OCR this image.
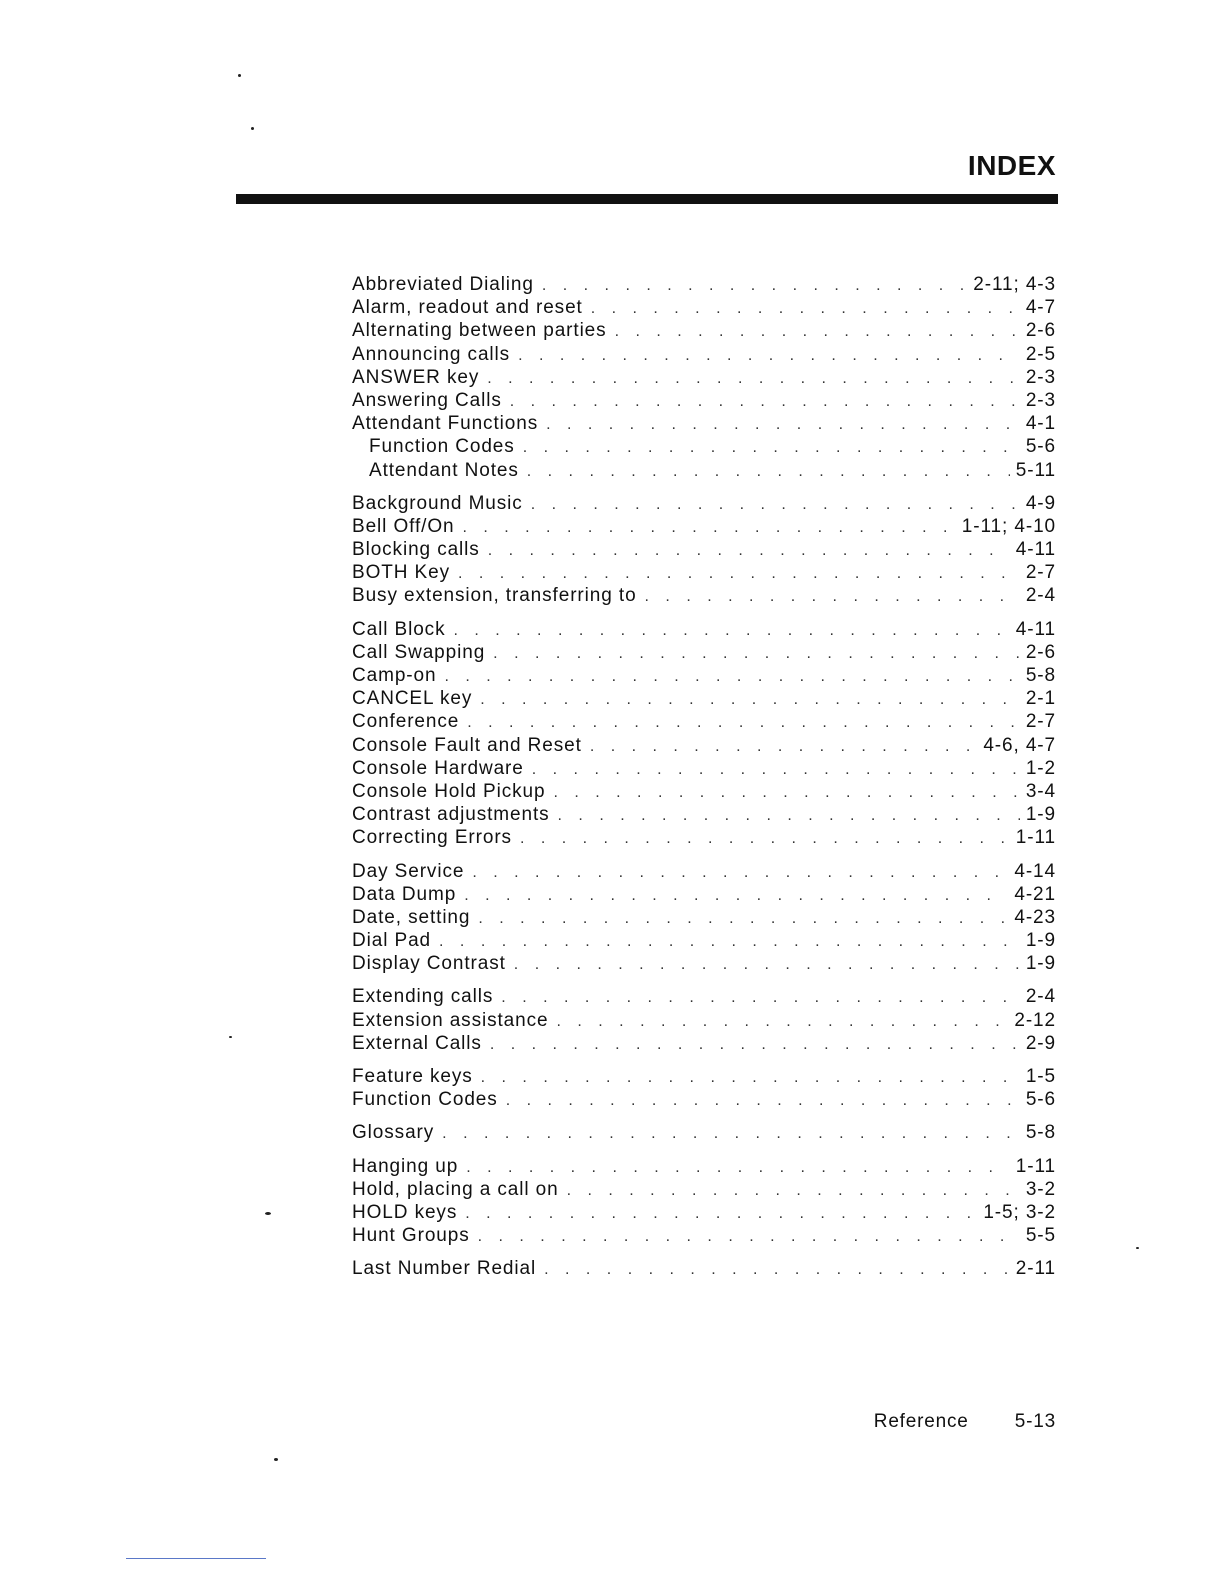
INDEX
Abbreviated Dialing . . .	2-11; 4-3
Alarm, readout and reset . . .	4-7
Alternating between parties . . .	2-6
Announcing calls . . .	2-5
ANSWER key . . .	2-3
Answering Calls . . .	2-3
Attendant Functions . . .	4-1
Function Codes . . .	5-6
Attendant Notes . . .	5-11
Background Music . . .	4-9
Bell Off/On . . .	1-11; 4-10
Blocking calls . . .	4-11
BOTH Key . . .	2-7
Busy extension, transferring to . . .	2-4
Call Block . . .	4-11
Call Swapping . . .	2-6
Camp-on . . .	5-8
CANCEL key . . .	2-1
Conference . . .	2-7
Console Fault and Reset . . .	4-6, 4-7
Console Hardware . . .	1-2
Console Hold Pickup . . .	3-4
Contrast adjustments . . .	1-9
Correcting Errors . . .	1-11
Day Service . . .	4-14
Data Dump . . .	4-21
Date, setting . . .	4-23
Dial Pad . . .	1-9
Display Contrast . . .	1-9
Extending calls . . .	2-4
Extension assistance . . .	2-12
External Calls . . .	2-9
Feature keys . . .	1-5
Function Codes . . .	5-6
Glossary . . .	5-8
Hanging up . . .	1-11
Hold, placing a call on . . .	3-2
HOLD keys . . .	1-5; 3-2
Hunt Groups . . .	5-5
Last Number Redial . . .	2-11
Reference 5-13
